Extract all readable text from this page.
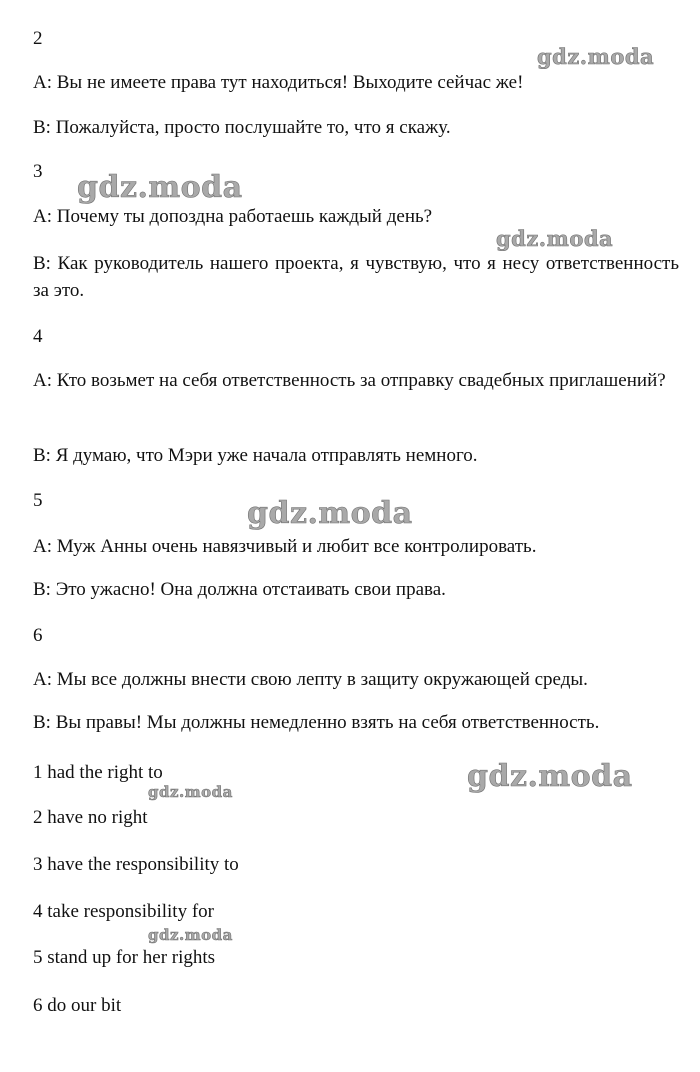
2

A: Вы не имеете права тут находиться! Выходите сейчас же!

B: Пожалуйста, просто послушайте то, что я скажу.

3

A: Почему ты допоздна работаешь каждый день?

B: Как руководитель нашего проекта, я чувствую, что я несу ответственность за это.

4

A: Кто возьмет на себя ответственность за отправку свадебных приглашений?

B: Я думаю, что Мэри уже начала отправлять немного.

5

A: Муж Анны очень навязчивый и любит все контролировать.

B: Это ужасно! Она должна отстаивать свои права.

6

A: Мы все должны внести свою лепту в защиту окружающей среды.

B: Вы правы! Мы должны немедленно взять на себя ответственность.

1 had the right to

2 have no right

3 have the responsibility to

4 take responsibility for

5 stand up for her rights

6 do our bit

gdz.moda
gdz.moda
gdz.moda
gdz.moda
gdz.moda
gdz.moda
gdz.moda
